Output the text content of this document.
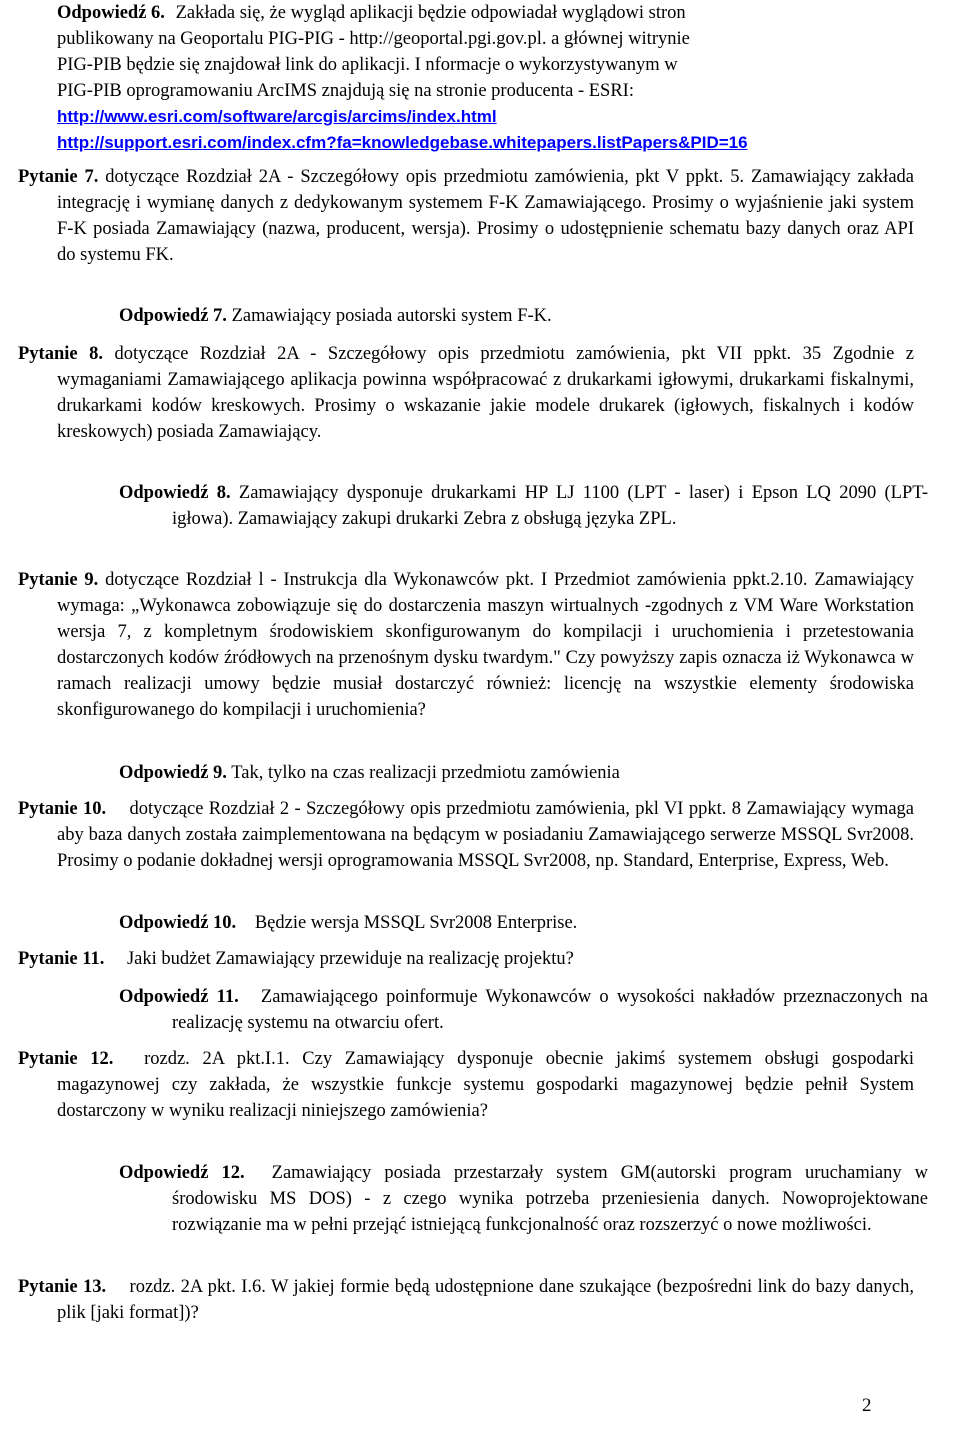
Odpowiedź 6. Zakłada się, że wygląd aplikacji będzie odpowiadał wyglądowi stron
publikowany na Geoportalu PIG-PIG - http://geoportal.pgi.gov.pl. a głównej witrynie
PIG-PIB będzie się znajdował link do aplikacji. I nformacje o wykorzystywanym w
PIG-PIB oprogramowaniu ArcIMS znajdują się na stronie producenta - ESRI:
http://www.esri.com/software/arcgis/arcims/index.html
http://support.esri.com/index.cfm?fa=knowledgebase.whitepapers.listPapers&PID=16
Pytanie 7. dotyczące Rozdział 2A - Szczegółowy opis przedmiotu zamówienia, pkt V ppkt. 5. Zamawiający zakłada integrację i wymianę danych z dedykowanym systemem F-K Zamawiającego. Prosimy o wyjaśnienie jaki system F-K posiada Zamawiający (nazwa, producent, wersja). Prosimy o udostępnienie schematu bazy danych oraz API do systemu FK.
Odpowiedź 7. Zamawiający posiada autorski system F-K.
Pytanie 8. dotyczące Rozdział 2A - Szczegółowy opis przedmiotu zamówienia, pkt VII ppkt. 35 Zgodnie z wymaganiami Zamawiającego aplikacja powinna współpracować z drukarkami igłowymi, drukarkami fiskalnymi, drukarkami kodów kreskowych. Prosimy o wskazanie jakie modele drukarek (igłowych, fiskalnych i kodów kreskowych) posiada Zamawiający.
Odpowiedź 8. Zamawiający dysponuje drukarkami HP LJ 1100 (LPT - laser) i Epson LQ 2090 (LPT- igłowa). Zamawiający zakupi drukarki Zebra z obsługą języka ZPL.
Pytanie 9. dotyczące Rozdział l - Instrukcja dla Wykonawców pkt. I Przedmiot zamówienia ppkt.2.10. Zamawiający wymaga: „Wykonawca zobowiązuje się do dostarczenia maszyn wirtualnych -zgodnych z VM Ware Workstation wersja 7, z kompletnym środowiskiem skonfigurowanym do kompilacji i uruchomienia i przetestowania dostarczonych kodów źródłowych na przenośnym dysku twardym." Czy powyższy zapis oznacza iż Wykonawca w ramach realizacji umowy będzie musiał dostarczyć również: licencję na wszystkie elementy środowiska skonfigurowanego do kompilacji i uruchomienia?
Odpowiedź 9. Tak, tylko na czas realizacji przedmiotu zamówienia
Pytanie 10. dotyczące Rozdział 2 - Szczegółowy opis przedmiotu zamówienia, pkl VI ppkt. 8 Zamawiający wymaga aby baza danych została zaimplementowana na będącym w posiadaniu Zamawiającego serwerze MSSQL Svr2008. Prosimy o podanie dokładnej wersji oprogramowania MSSQL Svr2008, np. Standard, Enterprise, Express, Web.
Odpowiedź 10. Będzie wersja MSSQL Svr2008 Enterprise.
Pytanie 11. Jaki budżet Zamawiający przewiduje na realizację projektu?
Odpowiedź 11. Zamawiającego poinformuje Wykonawców o wysokości nakładów przeznaczonych na realizację systemu na otwarciu ofert.
Pytanie 12. rozdz. 2A pkt.I.1. Czy Zamawiający dysponuje obecnie jakimś systemem obsługi gospodarki magazynowej czy zakłada, że wszystkie funkcje systemu gospodarki magazynowej będzie pełnił System dostarczony w wyniku realizacji niniejszego zamówienia?
Odpowiedź 12. Zamawiający posiada przestarzały system GM(autorski program uruchamiany w środowisku MS DOS) - z czego wynika potrzeba przeniesienia danych. Nowoprojektowane rozwiązanie ma w pełni przejąć istniejącą funkcjonalność oraz rozszerzyć o nowe możliwości.
Pytanie 13. rozdz. 2A pkt. I.6. W jakiej formie będą udostępnione dane szukające (bezpośredni link do bazy danych, plik [jaki format])?
2
